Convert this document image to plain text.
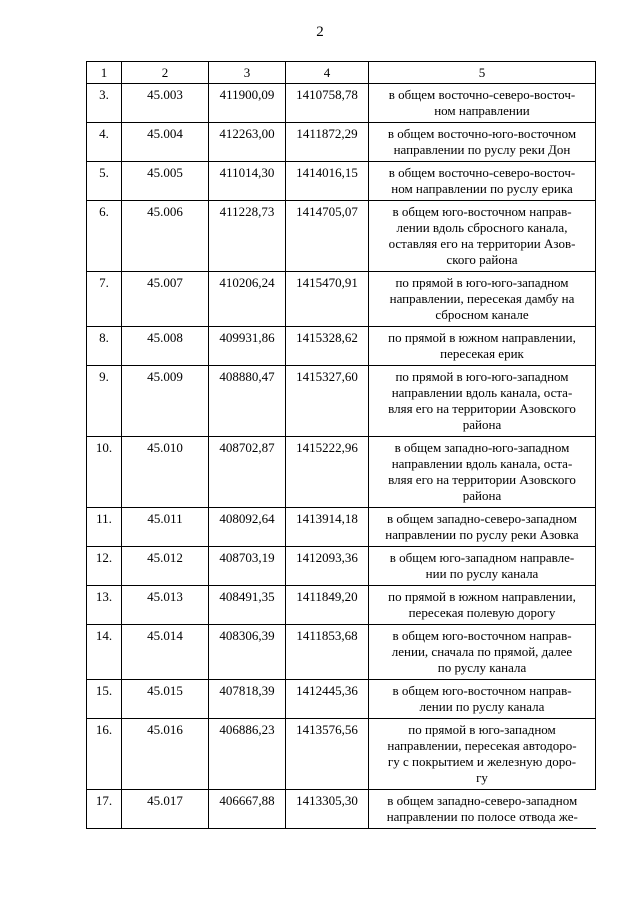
2
1	2	3	4	5
3.	45.003	411900,09	1410758,78	в общем восточно-северо-восточ-
ном направлении
4.	45.004	412263,00	1411872,29	в общем восточно-юго-восточном
направлении по руслу реки Дон
5.	45.005	411014,30	1414016,15	в общем восточно-северо-восточ-
ном направлении по руслу ерика
6.	45.006	411228,73	1414705,07	в общем юго-восточном направ-
лении вдоль сбросного канала,
оставляя его на территории Азов-
ского района
7.	45.007	410206,24	1415470,91	по прямой в юго-юго-западном
направлении, пересекая дамбу на
сбросном канале
8.	45.008	409931,86	1415328,62	по прямой в южном направлении,
пересекая ерик
9.	45.009	408880,47	1415327,60	по прямой в юго-юго-западном
направлении вдоль канала, оста-
вляя его на территории Азовского
района
10.	45.010	408702,87	1415222,96	в общем западно-юго-западном
направлении вдоль канала, оста-
вляя его на территории Азовского
района
11.	45.011	408092,64	1413914,18	в общем западно-северо-западном
направлении по руслу реки Азовка
12.	45.012	408703,19	1412093,36	в общем юго-западном направле-
нии по руслу канала
13.	45.013	408491,35	1411849,20	по прямой в южном направлении,
пересекая полевую дорогу
14.	45.014	408306,39	1411853,68	в общем юго-восточном направ-
лении, сначала по прямой, далее
по руслу канала
15.	45.015	407818,39	1412445,36	в общем юго-восточном направ-
лении по руслу канала
16.	45.016	406886,23	1413576,56	по прямой в юго-западном
направлении, пересекая автодоро-
гу с покрытием и железную доро-
гу
17.	45.017	406667,88	1413305,30	в общем западно-северо-западном
направлении по полосе отвода же-
